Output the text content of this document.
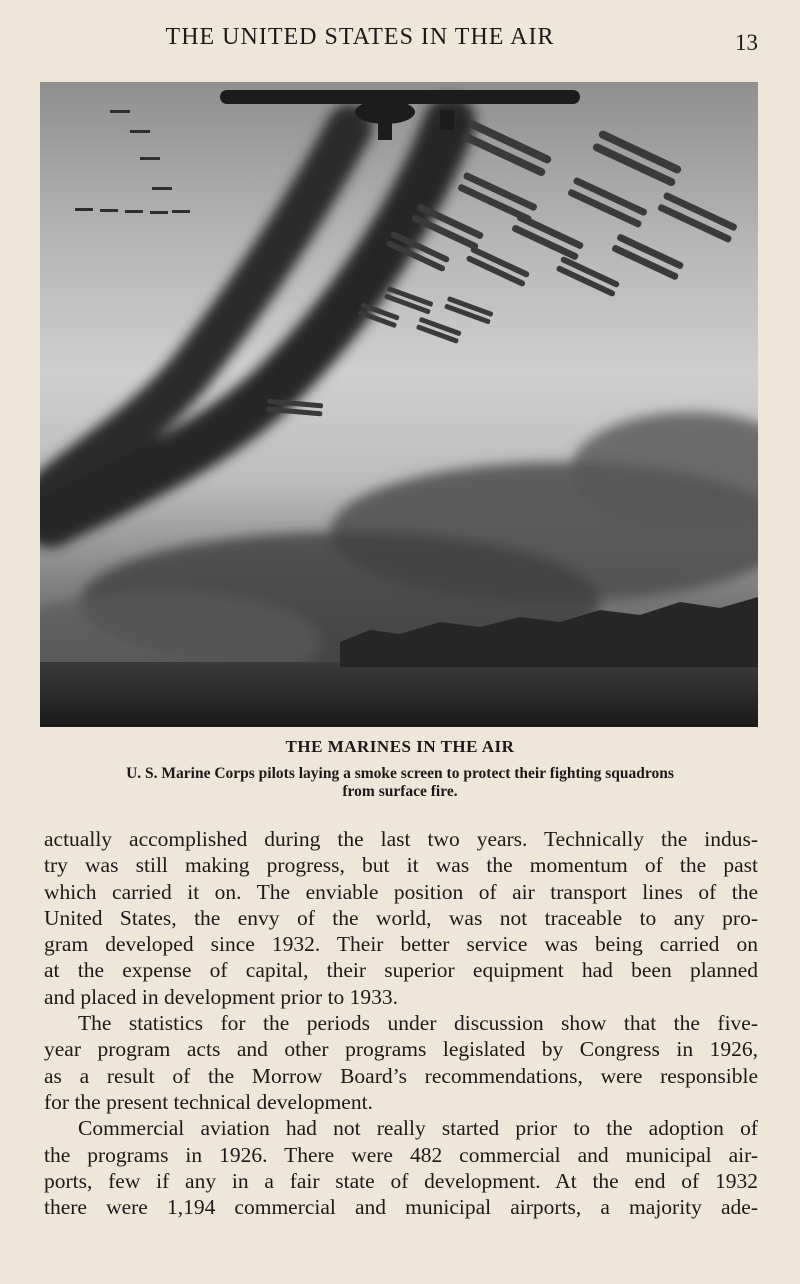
THE UNITED STATES IN THE AIR	13
THE MARINES IN THE AIR
U. S. Marine Corps pilots laying a smoke screen to protect their fighting squadrons
from surface fire.
actually accomplished during the last two years. Technically the indus-
try was still making progress, but it was the momentum of the past
which carried it on. The enviable position of air transport lines of the
United States, the envy of the world, was not traceable to any pro-
gram developed since 1932. Their better service was being carried on
at the expense of capital, their superior equipment had been planned
and placed in development prior to 1933.
The statistics for the periods under discussion show that the five-
year program acts and other programs legislated by Congress in 1926,
as a result of the Morrow Board’s recommendations, were responsible
for the present technical development.
Commercial aviation had not really started prior to the adoption of
the programs in 1926. There were 482 commercial and municipal air-
ports, few if any in a fair state of development. At the end of 1932
there were 1,194 commercial and municipal airports, a majority ade-
